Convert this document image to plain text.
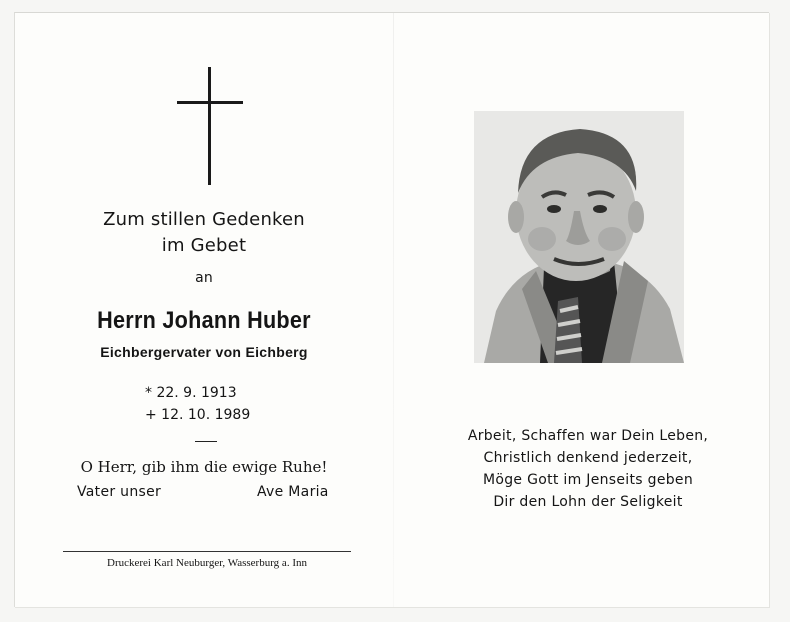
Zum stillen Gedenken

im Gebet

an

Herrn Johann Huber

Eichbergervater von Eichberg

* 22. 9. 1913
+ 12. 10. 1989

O Herr, gib ihm die ewige Ruhe!

Vater unser	Ave Maria
Druckerei Karl Neuburger, Wasserburg a. Inn
Arbeit, Schaffen war Dein Leben,
Christlich denkend jederzeit,
Möge Gott im Jenseits geben
Dir den Lohn der Seligkeit
